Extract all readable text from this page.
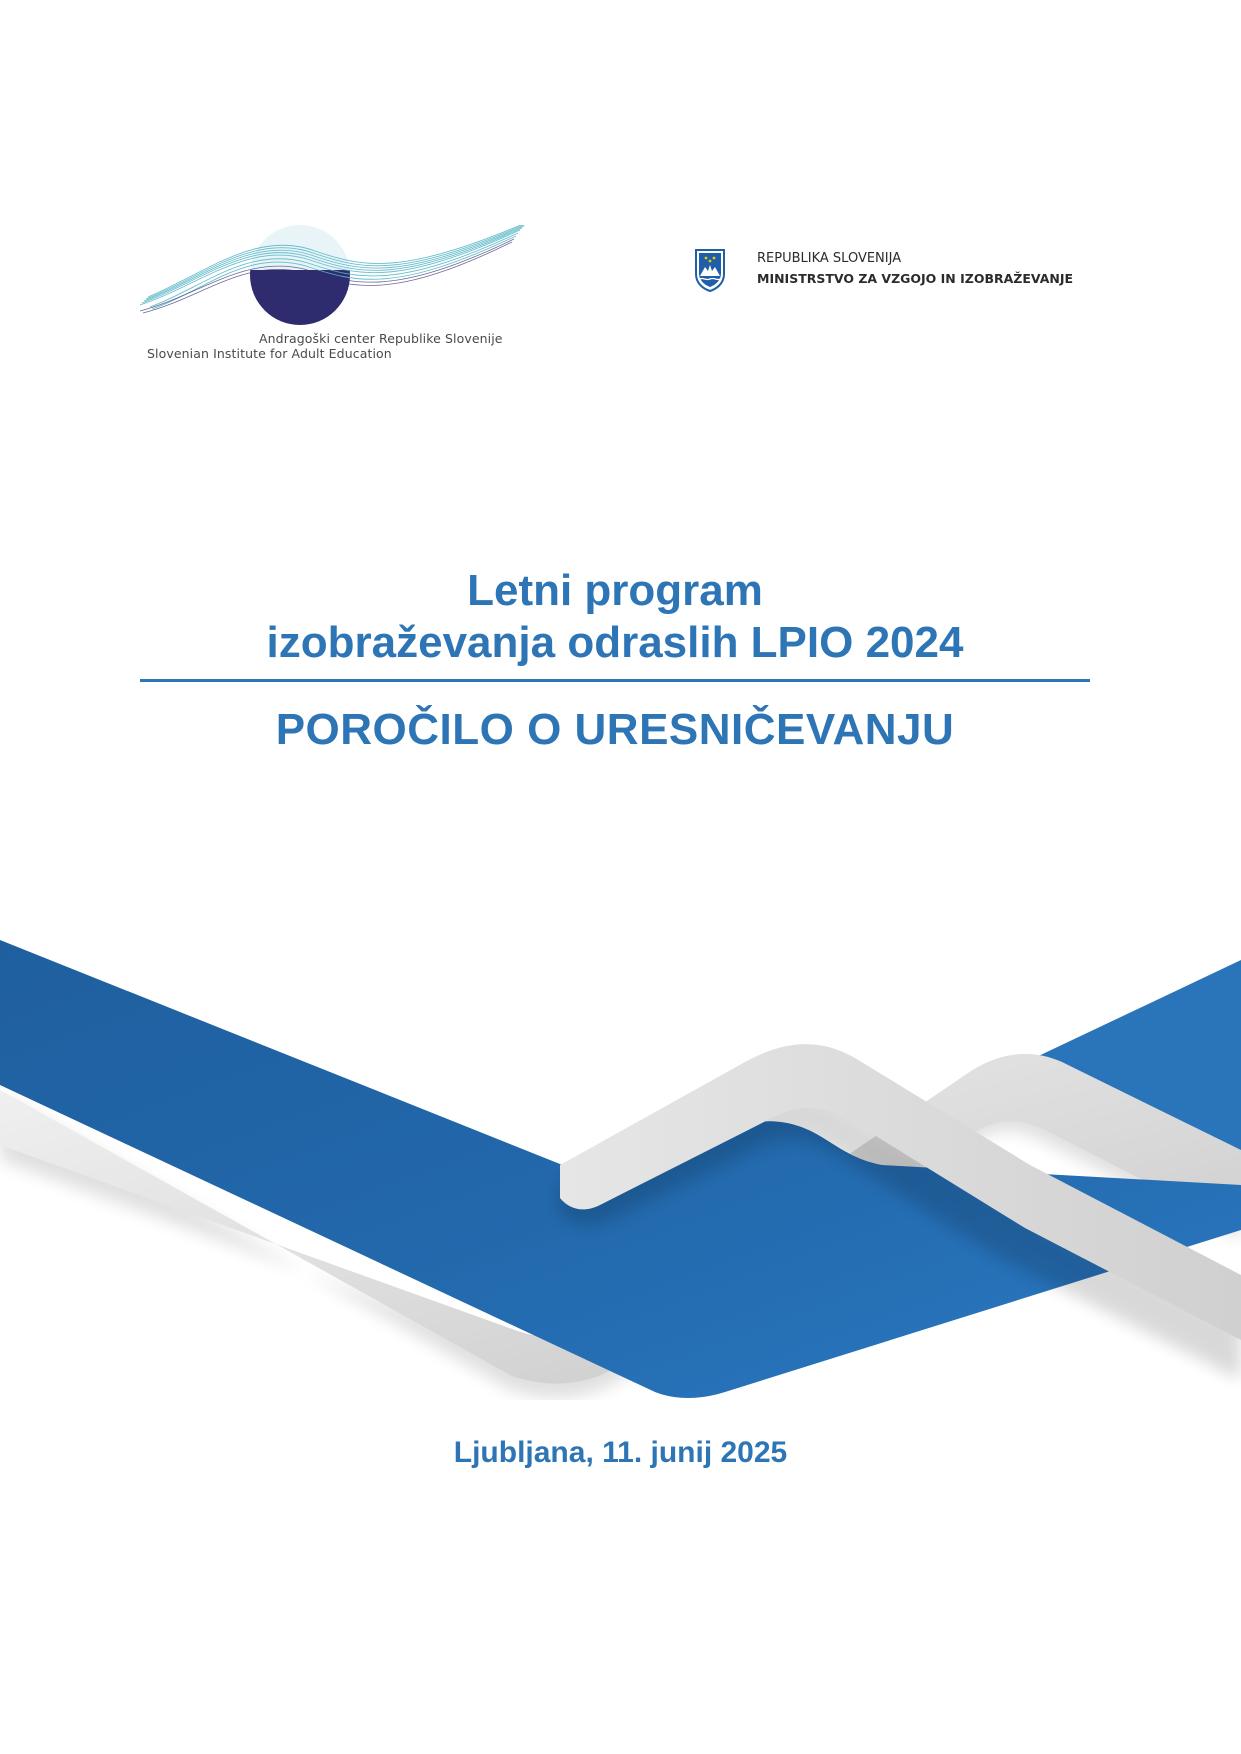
Andragoški center Republike Slovenije
Slovenian Institute for Adult Education
REPUBLIKA SLOVENIJA
MINISTRSTVO ZA VZGOJO IN IZOBRAŽEVANJE
Letni program
izobraževanja odraslih LPIO 2024
POROČILO O URESNIČEVANJU
Ljubljana, 11. junij 2025
